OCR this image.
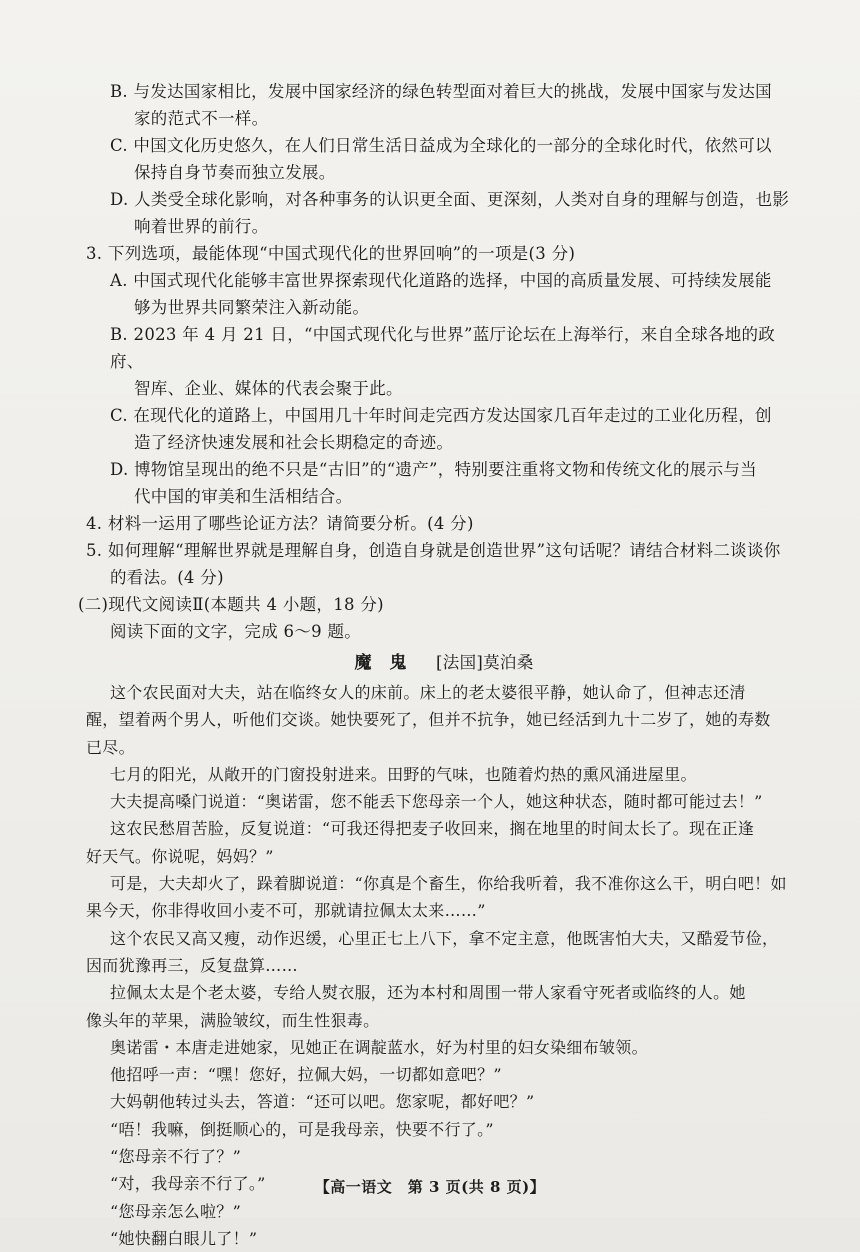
B. 与发达国家相比，发展中国家经济的绿色转型面对着巨大的挑战，发展中国家与发达国
家的范式不一样。
C. 中国文化历史悠久，在人们日常生活日益成为全球化的一部分的全球化时代，依然可以
保持自身节奏而独立发展。
D. 人类受全球化影响，对各种事务的认识更全面、更深刻，人类对自身的理解与创造，也影
响着世界的前行。
3. 下列选项，最能体现“中国式现代化的世界回响”的一项是(3 分)
A. 中国式现代化能够丰富世界探索现代化道路的选择，中国的高质量发展、可持续发展能
够为世界共同繁荣注入新动能。
B. 2023 年 4 月 21 日，“中国式现代化与世界”蓝厅论坛在上海举行，来自全球各地的政府、
智库、企业、媒体的代表会聚于此。
C. 在现代化的道路上，中国用几十年时间走完西方发达国家几百年走过的工业化历程，创
造了经济快速发展和社会长期稳定的奇迹。
D. 博物馆呈现出的绝不只是“古旧”的“遗产”，特别要注重将文物和传统文化的展示与当
代中国的审美和生活相结合。
4. 材料一运用了哪些论证方法？请简要分析。(4 分)
5. 如何理解“理解世界就是理解自身，创造自身就是创造世界”这句话呢？请结合材料二谈谈你
的看法。(4 分)
(二)现代文阅读Ⅱ(本题共 4 小题，18 分)
阅读下面的文字，完成 6～9 题。
魔鬼 [法国]莫泊桑
这个农民面对大夫，站在临终女人的床前。床上的老太婆很平静，她认命了，但神志还清
醒，望着两个男人，听他们交谈。她快要死了，但并不抗争，她已经活到九十二岁了，她的寿数
已尽。
七月的阳光，从敞开的门窗投射进来。田野的气味，也随着灼热的熏风涌进屋里。
大夫提高嗓门说道：“奥诺雷，您不能丢下您母亲一个人，她这种状态，随时都可能过去！”
这农民愁眉苦脸，反复说道：“可我还得把麦子收回来，搁在地里的时间太长了。现在正逢
好天气。你说呢，妈妈？”
可是，大夫却火了，跺着脚说道：“你真是个畜生，你给我听着，我不准你这么干，明白吧！如
果今天，你非得收回小麦不可，那就请拉佩太太来……”
这个农民又高又瘦，动作迟缓，心里正七上八下，拿不定主意，他既害怕大夫，又酷爱节俭，
因而犹豫再三，反复盘算……
拉佩太太是个老太婆，专给人熨衣服，还为本村和周围一带人家看守死者或临终的人。她
像头年的苹果，满脸皱纹，而生性狠毒。
奥诺雷・本唐走进她家，见她正在调靛蓝水，好为村里的妇女染细布皱领。
他招呼一声：“嘿！您好，拉佩大妈，一切都如意吧？”
大妈朝他转过头去，答道：“还可以吧。您家呢，都好吧？”
“唔！我嘛，倒挺顺心的，可是我母亲，快要不行了。”
“您母亲不行了？”
“对，我母亲不行了。”
“您母亲怎么啦？”
“她快翻白眼儿了！”
【高一语文　第 3 页(共 8 页)】
